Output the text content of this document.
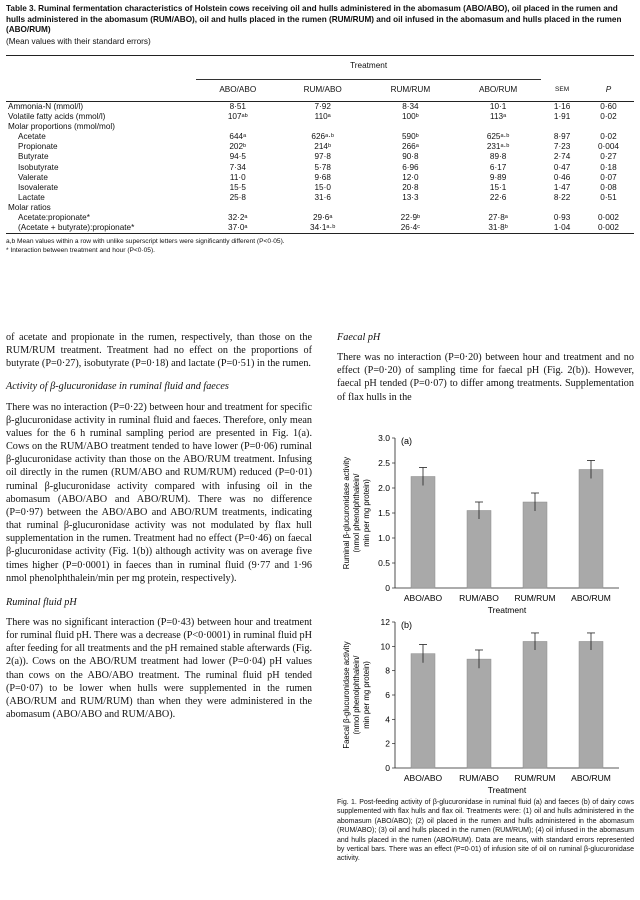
Table 3. Ruminal fermentation characteristics of Holstein cows receiving oil and hulls administered in the abomasum (ABO/ABO), oil placed in the rumen and hulls administered in the abomasum (RUM/ABO), oil and hulls placed in the rumen (RUM/RUM) and oil infused in the abomasum and hulls placed in the rumen (ABO/RUM)
(Mean values with their standard errors)
	Treatment					

	ABO/ABO	RUM/ABO	RUM/RUM	ABO/RUM	SEM	P
Ammonia-N (mmol/l)	8·51	7·92	8·34	10·1	1·16	0·60
Volatile fatty acids (mmol/l)	107ᵃᵇ	110ᵃ	100ᵇ	113ᵃ	1·91	0·02
Molar proportions (mmol/mol)						
Acetate	644ᵃ	626ᵃ·ᵇ	590ᵇ	625ᵃ·ᵇ	8·97	0·02
Propionate	202ᵇ	214ᵇ	266ᵃ	231ᵃ·ᵇ	7·23	0·004
Butyrate	94·5	97·8	90·8	89·8	2·74	0·27
Isobutyrate	7·34	5·78	6·96	6·17	0·47	0·18
Valerate	11·0	9·68	12·0	9·89	0·46	0·07
Isovalerate	15·5	15·0	20·8	15·1	1·47	0·08
Lactate	25·8	31·6	13·3	22·6	8·22	0·51
Molar ratios						
Acetate:propionate*	32·2ᵃ	29·6ᵃ	22·9ᵇ	27·8ᵃ	0·93	0·002
(Acetate + butyrate):propionate*	37·0ᵃ	34·1ᵃ·ᵇ	26·4ᶜ	31·8ᵇ	1·04	0·002
a,b Mean values within a row with unlike superscript letters were significantly different (P<0·05).
* Interaction between treatment and hour (P<0·05).

of acetate and propionate in the rumen, respectively, than those on the RUM/RUM treatment. Treatment had no effect on the proportions of butyrate (P=0·27), isobutyrate (P=0·18) and lactate (P=0·51) in the rumen.

Activity of β-glucuronidase in ruminal fluid and faeces

There was no interaction (P=0·22) between hour and treatment for specific β-glucuronidase activity in ruminal fluid and faeces. Therefore, only mean values for the 6 h ruminal sampling period are presented in Fig. 1(a). Cows on the RUM/ABO treatment tended to have lower (P=0·06) ruminal β-glucuronidase activity than those on the ABO/RUM treatment. Infusing oil directly in the rumen (RUM/ABO and RUM/RUM) reduced (P=0·01) ruminal β-glucuronidase activity compared with infusing oil in the abomasum (ABO/ABO and ABO/RUM). There was no difference (P=0·97) between the ABO/ABO and ABO/RUM treatments, indicating that ruminal β-glucuronidase activity was not modulated by flax hull supplementation in the rumen. Treatment had no effect (P=0·46) on faecal β-glucuronidase activity (Fig. 1(b)) although activity was on average five times higher (P=0·0001) in faeces than in ruminal fluid (9·77 and 1·96 nmol phenolphthalein/min per mg protein, respectively).

Ruminal fluid pH

There was no significant interaction (P=0·43) between hour and treatment for ruminal fluid pH. There was a decrease (P<0·0001) in ruminal fluid pH after feeding for all treatments and the pH remained stable afterwards (Fig. 2(a)). Cows on the ABO/RUM treatment had lower (P=0·04) pH values than cows on the ABO/ABO treatment. The ruminal fluid pH tended (P=0·07) to be lower when hulls were supplemented in the rumen (ABO/RUM and RUM/RUM) than when they were administered in the abomasum (ABO/ABO and RUM/ABO).

Faecal pH

There was no interaction (P=0·20) between hour and treatment and no effect (P=0·20) of sampling time for faecal pH (Fig. 2(b)). However, faecal pH tended (P=0·07) to differ among treatments. Supplementation of flax hulls in the

0
0.5
1.0
1.5
2.0
2.5
3.0 (a)
ABO/ABO RUM/ABO RUM/RUM ABO/RUM
Treatment
Ruminal β-glucuronidase activity(nmol phenolphthalein/min per mg protein)
0
2
4
6
8
10
12 (b)
ABO/ABO RUM/ABO RUM/RUM ABO/RUM
Treatment
Faecal β-glucuronidase activity(nmol phenolphthalein/min per mg protein)
Fig. 1. Post-feeding activity of β-glucuronidase in ruminal fluid (a) and faeces (b) of dairy cows supplemented with flax hulls and flax oil. Treatments were: (1) oil and hulls administered in the abomasum (ABO/ABO); (2) oil placed in the rumen and hulls administered in the abomasum (RUM/ABO); (3) oil and hulls placed in the rumen (RUM/RUM); (4) oil infused in the abomasum and hulls placed in the rumen (ABO/RUM). Data are means, with standard errors represented by vertical bars. There was an effect (P=0·01) of infusion site of oil on ruminal β-glucuronidase activity.
